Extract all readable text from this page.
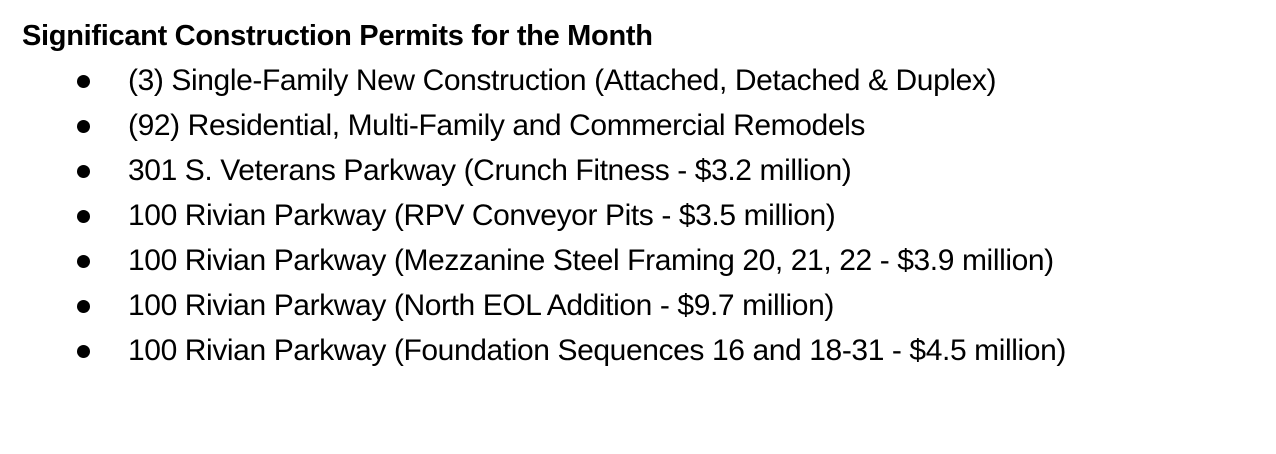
Significant Construction Permits for the Month
(3) Single-Family New Construction (Attached, Detached & Duplex)
(92) Residential, Multi-Family and Commercial Remodels
301 S. Veterans Parkway (Crunch Fitness - $3.2 million)
100 Rivian Parkway (RPV Conveyor Pits - $3.5 million)
100 Rivian Parkway (Mezzanine Steel Framing 20, 21, 22 - $3.9 million)
100 Rivian Parkway (North EOL Addition - $9.7 million)
100 Rivian Parkway (Foundation Sequences 16 and 18-31 - $4.5 million)
